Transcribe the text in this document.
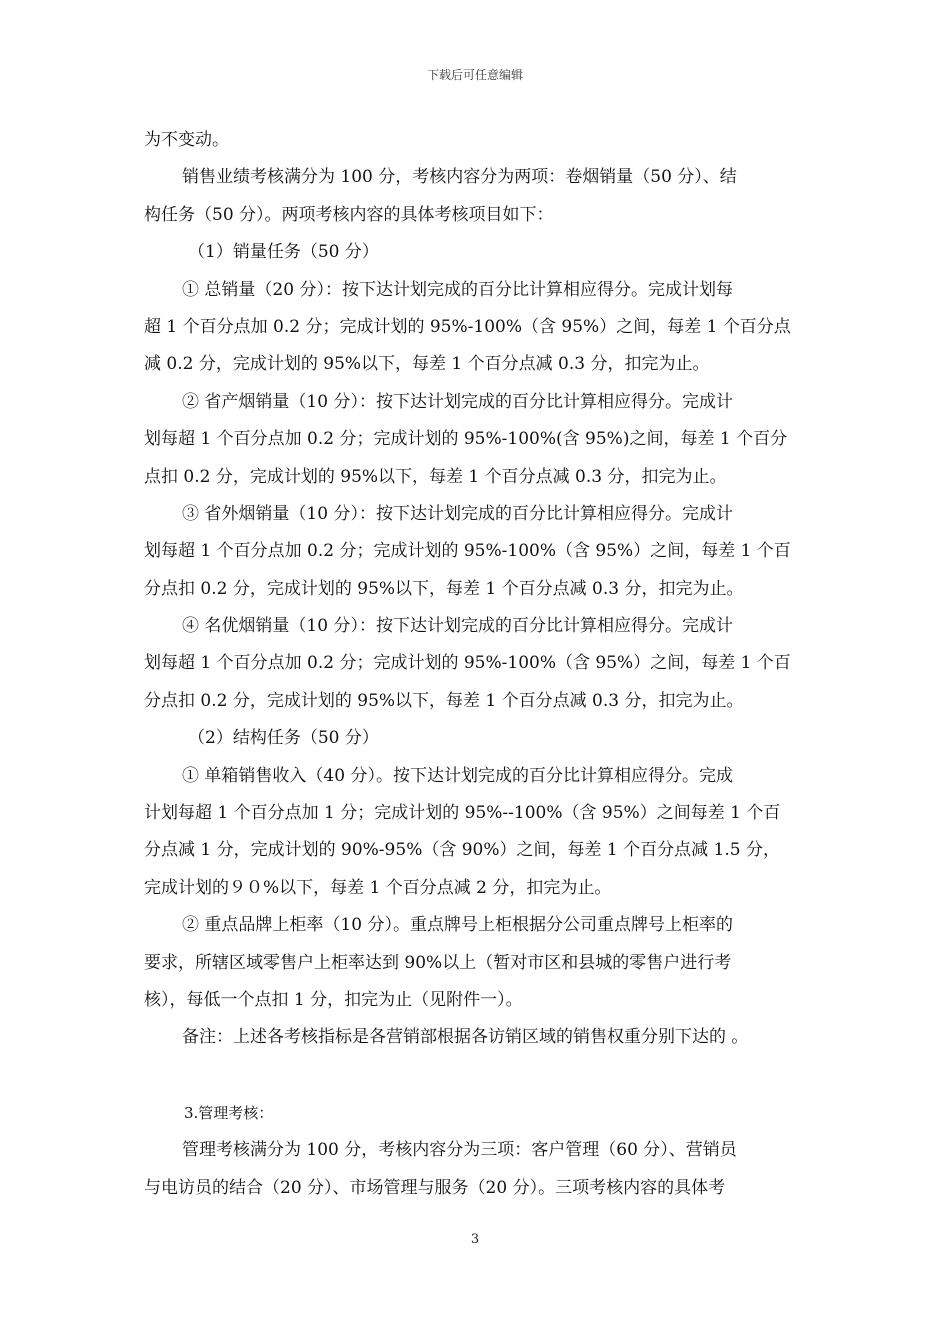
下载后可任意编辑
为不变动。
销售业绩考核满分为 100 分，考核内容分为两项：卷烟销量（50 分）、结
构任务（50 分）。两项考核内容的具体考核项目如下：
（1）销量任务（50 分）
① 总销量（20 分）：按下达计划完成的百分比计算相应得分。完成计划每
超 1 个百分点加 0.2 分；完成计划的 95%-100%（含 95%）之间，每差 1 个百分点
减 0.2 分，完成计划的 95%以下，每差 1 个百分点减 0.3 分，扣完为止。
② 省产烟销量（10 分）：按下达计划完成的百分比计算相应得分。完成计
划每超 1 个百分点加 0.2 分；完成计划的 95%-100%(含 95%)之间，每差 1 个百分
点扣 0.2 分，完成计划的 95%以下，每差 1 个百分点减 0.3 分，扣完为止。
③ 省外烟销量（10 分）：按下达计划完成的百分比计算相应得分。完成计
划每超 1 个百分点加 0.2 分；完成计划的 95%-100%（含 95%）之间，每差 1 个百
分点扣 0.2 分，完成计划的 95%以下，每差 1 个百分点减 0.3 分，扣完为止。
④ 名优烟销量（10 分）：按下达计划完成的百分比计算相应得分。完成计
划每超 1 个百分点加 0.2 分；完成计划的 95%-100%（含 95%）之间，每差 1 个百
分点扣 0.2 分，完成计划的 95%以下，每差 1 个百分点减 0.3 分，扣完为止。
（2）结构任务（50 分）
① 单箱销售收入（40 分）。按下达计划完成的百分比计算相应得分。完成
计划每超 1 个百分点加 1 分；完成计划的 95%--100%（含 95%）之间每差 1 个百
分点减 1 分，完成计划的 90%-95%（含 90%）之间，每差 1 个百分点减 1.5 分，
完成计划的９０%以下，每差 1 个百分点减 2 分，扣完为止。
② 重点品牌上柜率（10 分）。重点牌号上柜根据分公司重点牌号上柜率的
要求，所辖区域零售户上柜率达到 90%以上（暂对市区和县城的零售户进行考
核），每低一个点扣 1 分，扣完为止（见附件一）。
备注：上述各考核指标是各营销部根据各访销区域的销售权重分别下达的 。
3.管理考核：
管理考核满分为 100 分，考核内容分为三项：客户管理（60 分）、营销员
与电访员的结合（20 分）、市场管理与服务（20 分）。三项考核内容的具体考
3
